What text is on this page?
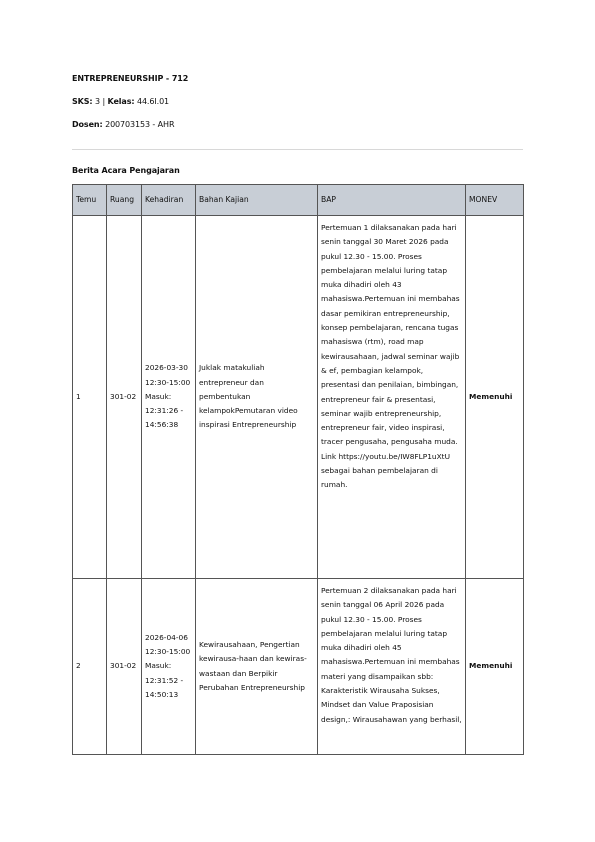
ENTREPRENEURSHIP - 712
SKS: 3 | Kelas: 44.6I.01
Dosen: 200703153 - AHR
Berita Acara Pengajaran
Temu	Ruang	Kehadiran	Bahan Kajian	BAP	MONEV
1	301-02	2026-03-30 12:30-15:00 Masuk: 12:31:26 - 14:56:38	Juklak matakuliah entrepreneur dan pembentukan kelampokPemutaran video inspirasi Entrepreneurship	Pertemuan 1 dilaksanakan pada hari senin tanggal 30 Maret 2026 pada pukul 12.30 - 15.00. Proses pembelajaran melalui luring tatap muka dihadiri oleh 43 mahasiswa.Pertemuan ini membahas dasar pemikiran entrepreneurship, konsep pembelajaran, rencana tugas mahasiswa (rtm), road map kewirausahaan, jadwal seminar wajib & ef, pembagian kelampok, presentasi dan penilaian, bimbingan, entrepreneur fair & presentasi, seminar wajib entrepreneurship, entrepreneur fair, video inspirasi, tracer pengusaha, pengusaha muda. Link https://youtu.be/IW8FLP1uXtU sebagai bahan pembelajaran di rumah.	Memenuhi
2	301-02	2026-04-06 12:30-15:00 Masuk: 12:31:52 - 14:50:13	Kewirausahaan, Pengertian kewirausa-haan dan kewiras-wastaan dan Berpikir Perubahan Entrepreneurship	Pertemuan 2 dilaksanakan pada hari senin tanggal 06 April 2026 pada pukul 12.30 - 15.00. Proses pembelajaran melalui luring tatap muka dihadiri oleh 45 mahasiswa.Pertemuan ini membahas materi yang disampaikan sbb: Karakteristik Wirausaha Sukses, Mindset dan Value Praposisian design,: Wirausahawan yang berhasil,	Memenuhi
